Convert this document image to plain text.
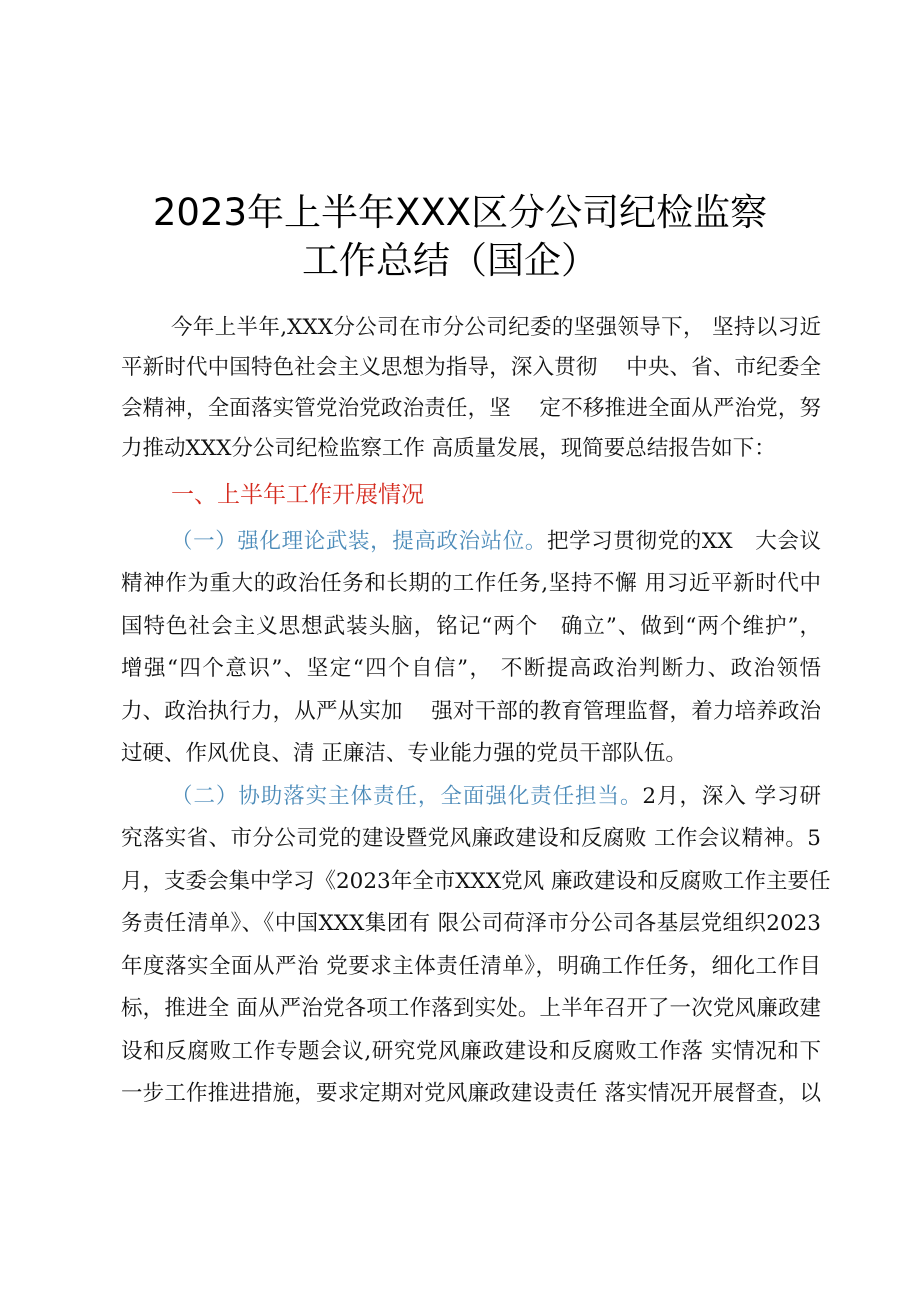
2023年上半年XXX区分公司纪检监察
工作总结（国企）
今年上半年,XXX分公司在市分公司纪委的坚强领导下， 坚持以习近
平新时代中国特色社会主义思想为指导，深入贯彻　 中央、省、市纪委全
会精神，全面落实管党治党政治责任，坚　 定不移推进全面从严治党，努
力推动XXX分公司纪检监察工作 高质量发展，现简要总结报告如下：
一、上半年工作开展情况
（一）强化理论武装，提高政治站位。把学习贯彻党的XX　大会议
精神作为重大的政治任务和长期的工作任务,坚持不懈 用习近平新时代中
国特色社会主义思想武装头脑，铭记“两个　确立”、做到“两个维护”，
增强“四个意识”、坚定“四个自信”， 不断提高政治判断力、政治领悟
力、政治执行力，从严从实加　 强对干部的教育管理监督，着力培养政治
过硬、作风优良、清 正廉洁、专业能力强的党员干部队伍。
（二）协助落实主体责任，全面强化责任担当。2月，深入 学习研
究落实省、市分公司党的建设暨党风廉政建设和反腐败 工作会议精神。5
月，支委会集中学习《2023年全市XXX党风 廉政建设和反腐败工作主要任
务责任清单》、《中国XXX集团有 限公司荷泽市分公司各基层党组织2023
年度落实全面从严治 党要求主体责任清单》，明确工作任务，细化工作目
标，推进全 面从严治党各项工作落到实处。上半年召开了一次党风廉政建
设和反腐败工作专题会议,研究党风廉政建设和反腐败工作落 实情况和下
一步工作推进措施，要求定期对党风廉政建设责任 落实情况开展督查，以
